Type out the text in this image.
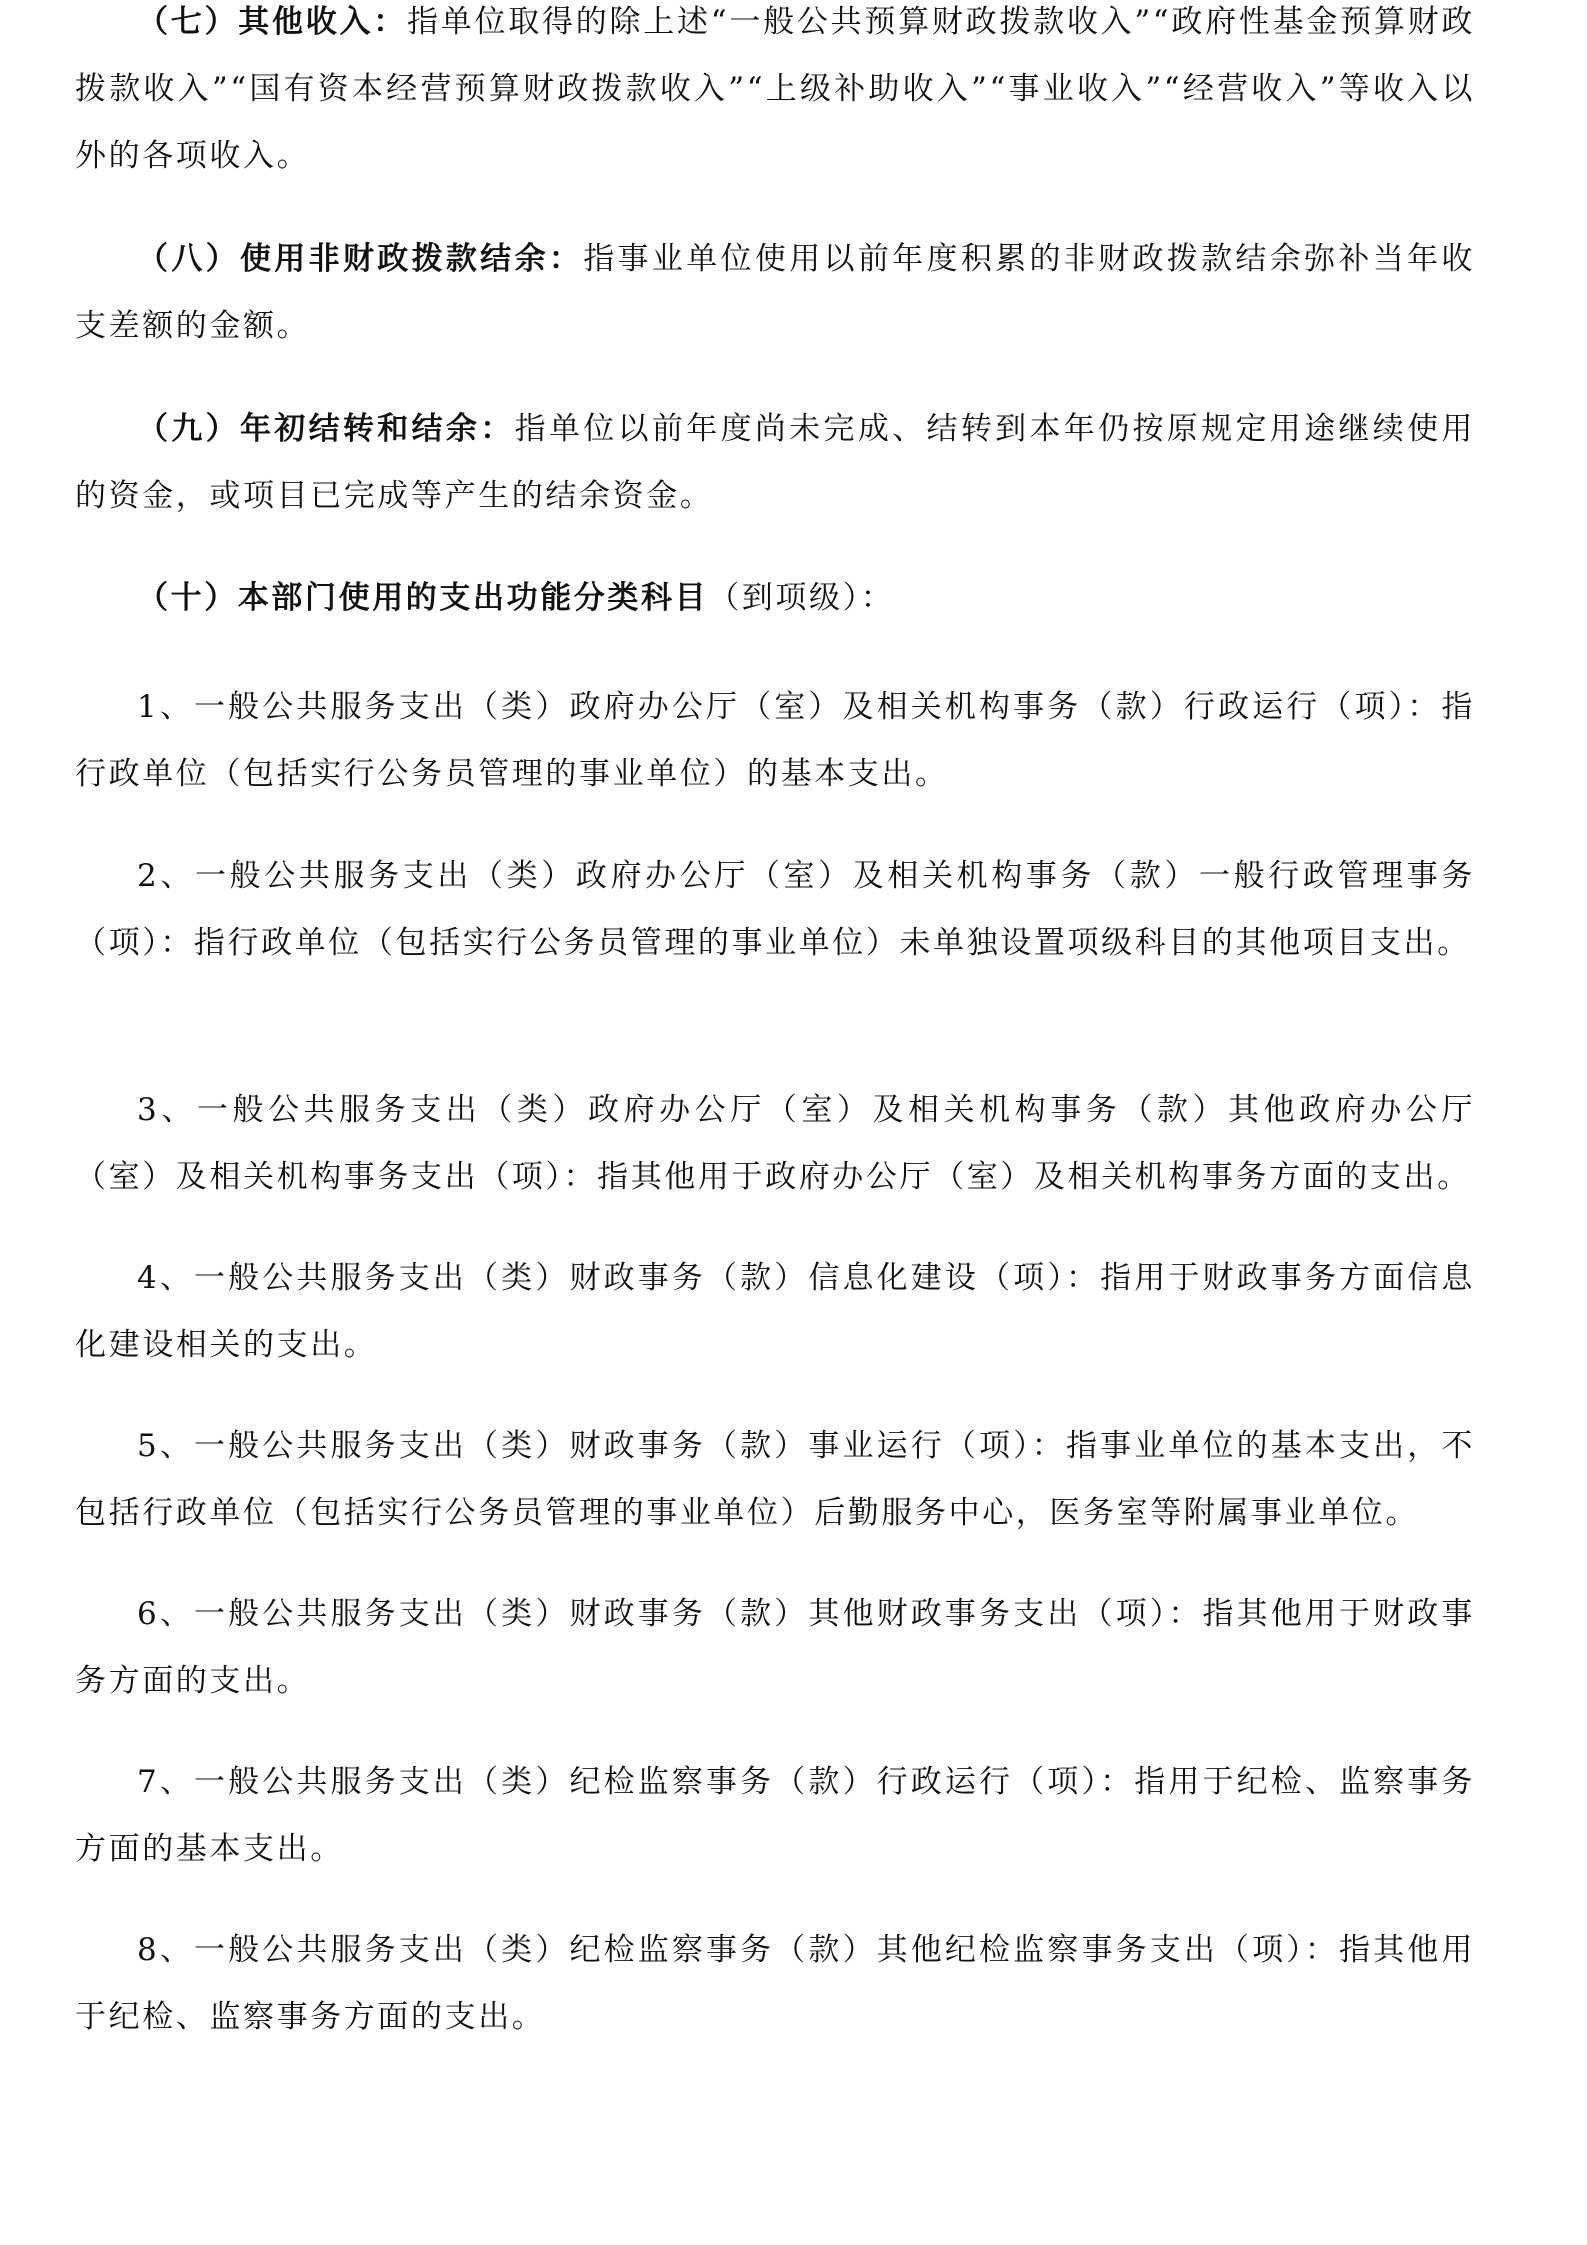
（七）其他收入：指单位取得的除上述“一般公共预算财政拨款收入”“政府性基金预算财政拨款收入”“国有资本经营预算财政拨款收入”“上级补助收入”“事业收入”“经营收入”等收入以外的各项收入。

（八）使用非财政拨款结余：指事业单位使用以前年度积累的非财政拨款结余弥补当年收支差额的金额。

（九）年初结转和结余：指单位以前年度尚未完成、结转到本年仍按原规定用途继续使用的资金，或项目已完成等产生的结余资金。

（十）本部门使用的支出功能分类科目（到项级）：

1、一般公共服务支出（类）政府办公厅（室）及相关机构事务（款）行政运行（项）：指行政单位（包括实行公务员管理的事业单位）的基本支出。

2、一般公共服务支出（类）政府办公厅（室）及相关机构事务（款）一般行政管理事务（项）：指行政单位（包括实行公务员管理的事业单位）未单独设置项级科目的其他项目支出。

3、一般公共服务支出（类）政府办公厅（室）及相关机构事务（款）其他政府办公厅（室）及相关机构事务支出（项）：指其他用于政府办公厅（室）及相关机构事务方面的支出。

4、一般公共服务支出（类）财政事务（款）信息化建设（项）：指用于财政事务方面信息化建设相关的支出。

5、一般公共服务支出（类）财政事务（款）事业运行（项）：指事业单位的基本支出，不包括行政单位（包括实行公务员管理的事业单位）后勤服务中心，医务室等附属事业单位。

6、一般公共服务支出（类）财政事务（款）其他财政事务支出（项）：指其他用于财政事务方面的支出。

7、一般公共服务支出（类）纪检监察事务（款）行政运行（项）：指用于纪检、监察事务方面的基本支出。

8、一般公共服务支出（类）纪检监察事务（款）其他纪检监察事务支出（项）：指其他用于纪检、监察事务方面的支出。
